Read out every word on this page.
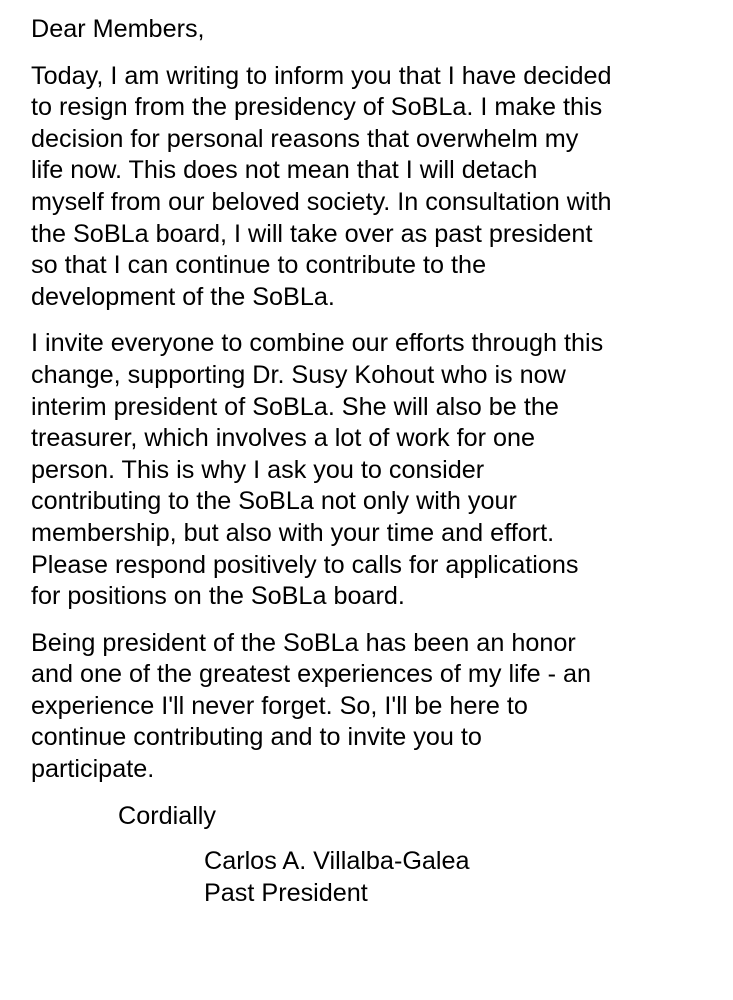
Dear Members,
Today, I am writing to inform you that I have decided
to resign from the presidency of SoBLa. I make this
decision for personal reasons that overwhelm my
life now. This does not mean that I will detach
myself from our beloved society. In consultation with
the SoBLa board, I will take over as past president
so that I can continue to contribute to the
development of the SoBLa.
I invite everyone to combine our efforts through this
change, supporting Dr. Susy Kohout who is now
interim president of SoBLa. She will also be the
treasurer, which involves a lot of work for one
person. This is why I ask you to consider
contributing to the SoBLa not only with your
membership, but also with your time and effort.
Please respond positively to calls for applications
for positions on the SoBLa board.
Being president of the SoBLa has been an honor
and one of the greatest experiences of my life - an
experience I'll never forget. So, I'll be here to
continue contributing and to invite you to
participate.
Cordially
Carlos A. Villalba-Galea
Past President
